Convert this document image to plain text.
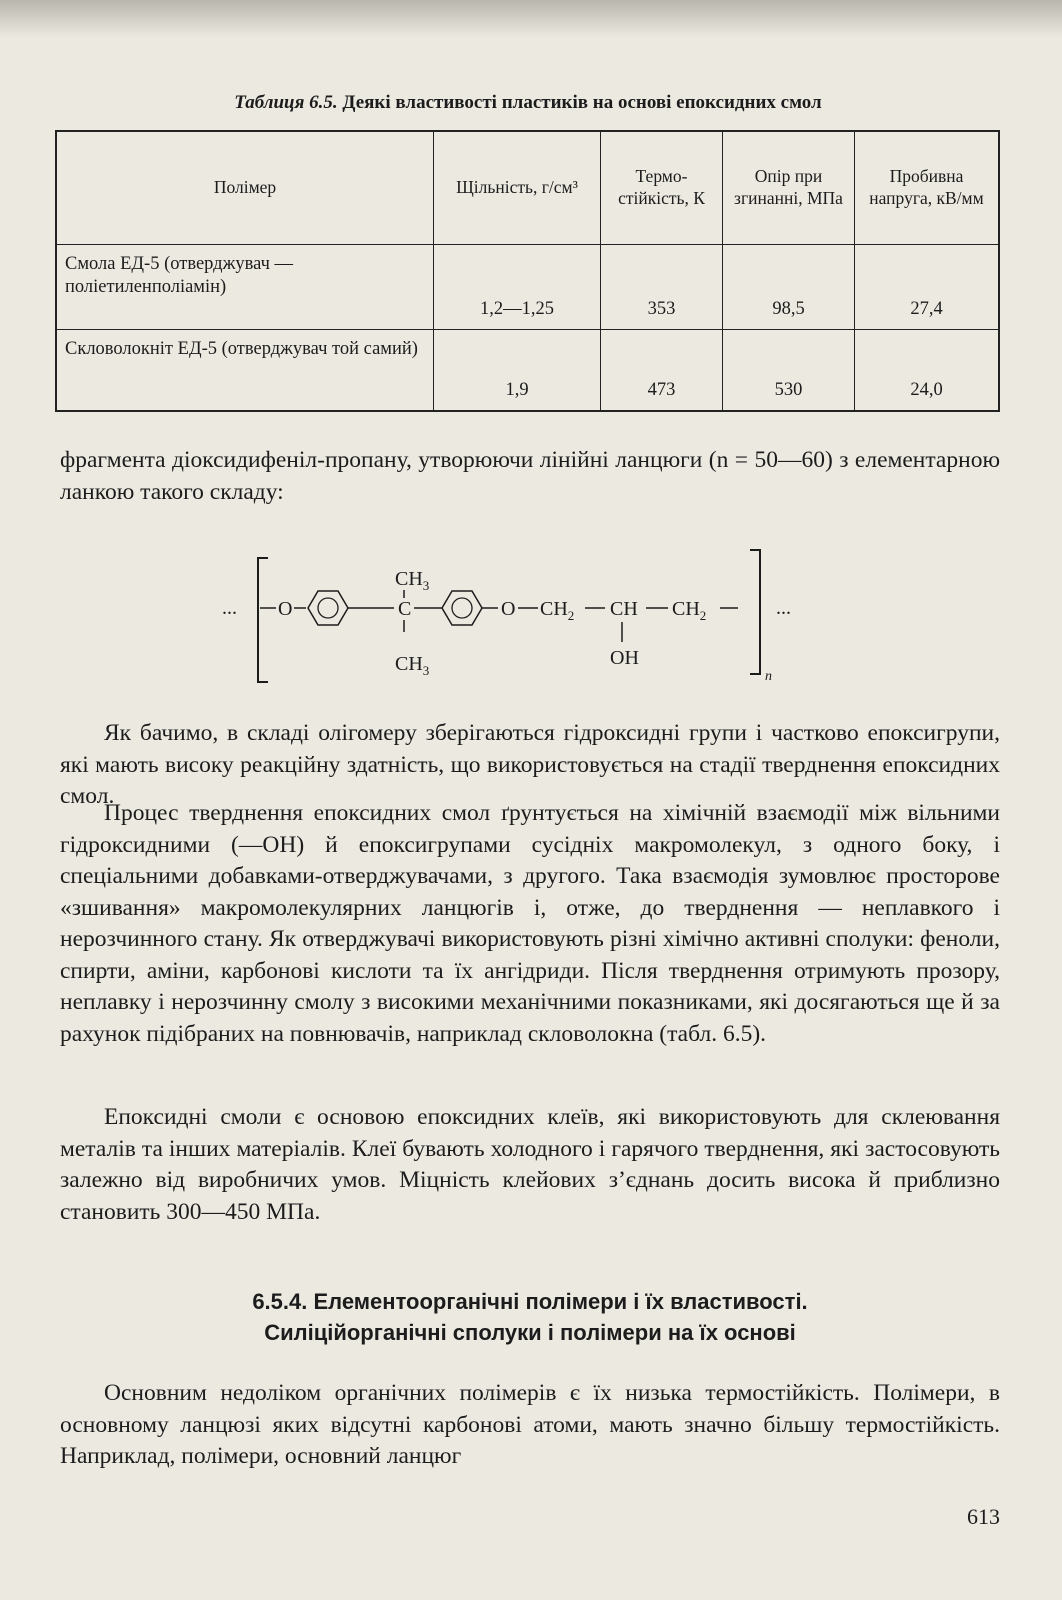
Таблиця 6.5. Деякі властивості пластиків на основі епоксидних смол
Полімер	Щільність, г/см³	Термо-стійкість, К	Опір при згинанні, МПа	Пробивна напруга, кВ/мм
Смола ЕД-5 (отверджувач — поліетиленполіамін)	1,2—1,25	353	98,5	27,4
Скловолокніт ЕД-5 (отверджувач той самий)	1,9	473	530	24,0

фрагмента діоксидифеніл-пропану, утворюючи лінійні ланцюги (n = 50—60) з елементарною ланкою такого складу:

... O	C
$CH_3$
$CH_3$
O $CH_2$ CH
OH
$CH_2$
n
...

Як бачимо, в складі олігомеру зберігаються гідроксидні групи і частково епоксигрупи, які мають високу реакційну здатність, що використовується на стадії тверднення епоксидних смол.

Процес тверднення епоксидних смол ґрунтується на хімічній взаємодії між вільними гідроксидними (—OH) й епоксигрупами сусідніх макромолекул, з одного боку, і спеціальними добавками-отверджувачами, з другого. Така взаємодія зумовлює просторове «зшивання» макромолекулярних ланцюгів і, отже, до тверднення — неплавкого і нерозчинного стану. Як отверджувачі використовують різні хімічно активні сполуки: феноли, спирти, аміни, карбонові кислоти та їх ангідриди. Після тверднення отримують прозору, неплавку і нерозчинну смолу з високими механічними показниками, які досягаються ще й за рахунок підібраних на повнювачів, наприклад скловолокна (табл. 6.5).

Епоксидні смоли є основою епоксидних клеїв, які використовують для склеювання металів та інших матеріалів. Клеї бувають холодного і гарячого тверднення, які застосовують залежно від виробничих умов. Міцність клейових з’єднань досить висока й приблизно становить 300—450 МПа.

6.5.4. Елементоорганічні полімери і їх властивості.
Силіційорганічні сполуки і полімери на їх основі

Основним недоліком органічних полімерів є їх низька термостійкість. Полімери, в основному ланцюзі яких відсутні карбонові атоми, мають значно більшу термостійкість. Наприклад, полімери, основний ланцюг

613
